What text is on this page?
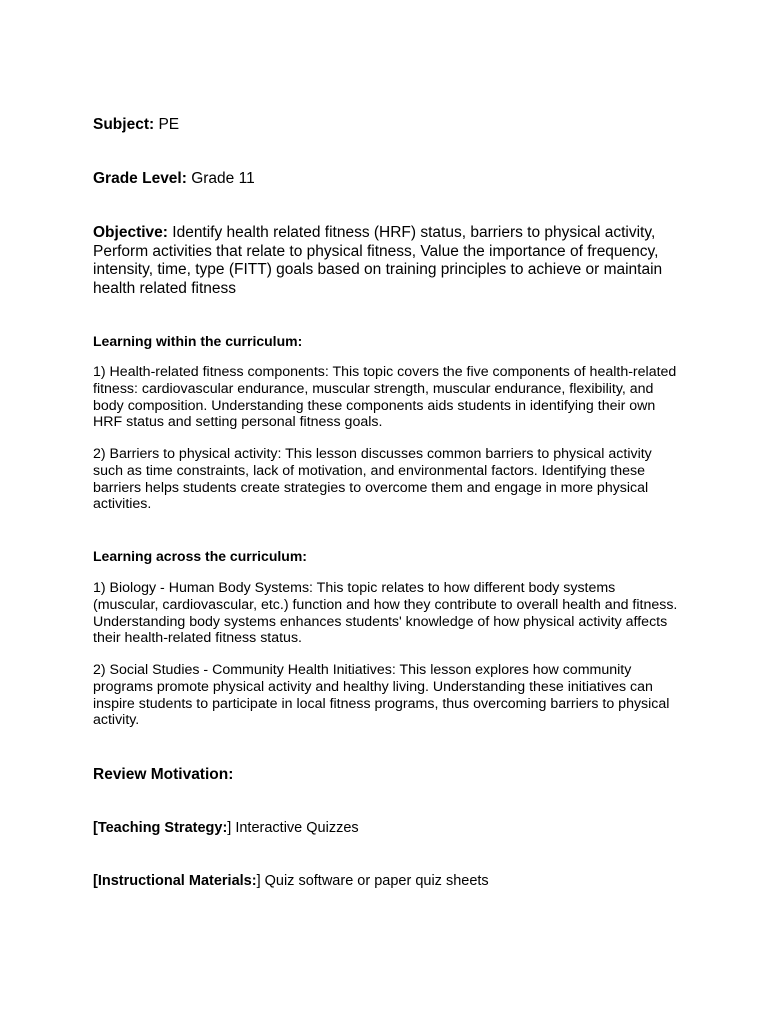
Subject: PE

Grade Level: Grade 11

Objective: Identify health related fitness (HRF) status, barriers to physical activity, Perform activities that relate to physical fitness, Value the importance of frequency, intensity, time, type (FITT) goals based on training principles to achieve or maintain health related fitness

Learning within the curriculum:

1) Health-related fitness components: This topic covers the five components of health-related fitness: cardiovascular endurance, muscular strength, muscular endurance, flexibility, and body composition. Understanding these components aids students in identifying their own HRF status and setting personal fitness goals.

2) Barriers to physical activity: This lesson discusses common barriers to physical activity such as time constraints, lack of motivation, and environmental factors. Identifying these barriers helps students create strategies to overcome them and engage in more physical activities.

Learning across the curriculum:

1) Biology - Human Body Systems: This topic relates to how different body systems (muscular, cardiovascular, etc.) function and how they contribute to overall health and fitness. Understanding body systems enhances students' knowledge of how physical activity affects their health-related fitness status.

2) Social Studies - Community Health Initiatives: This lesson explores how community programs promote physical activity and healthy living. Understanding these initiatives can inspire students to participate in local fitness programs, thus overcoming barriers to physical activity.

Review Motivation:

[Teaching Strategy:] Interactive Quizzes

[Instructional Materials:] Quiz software or paper quiz sheets
